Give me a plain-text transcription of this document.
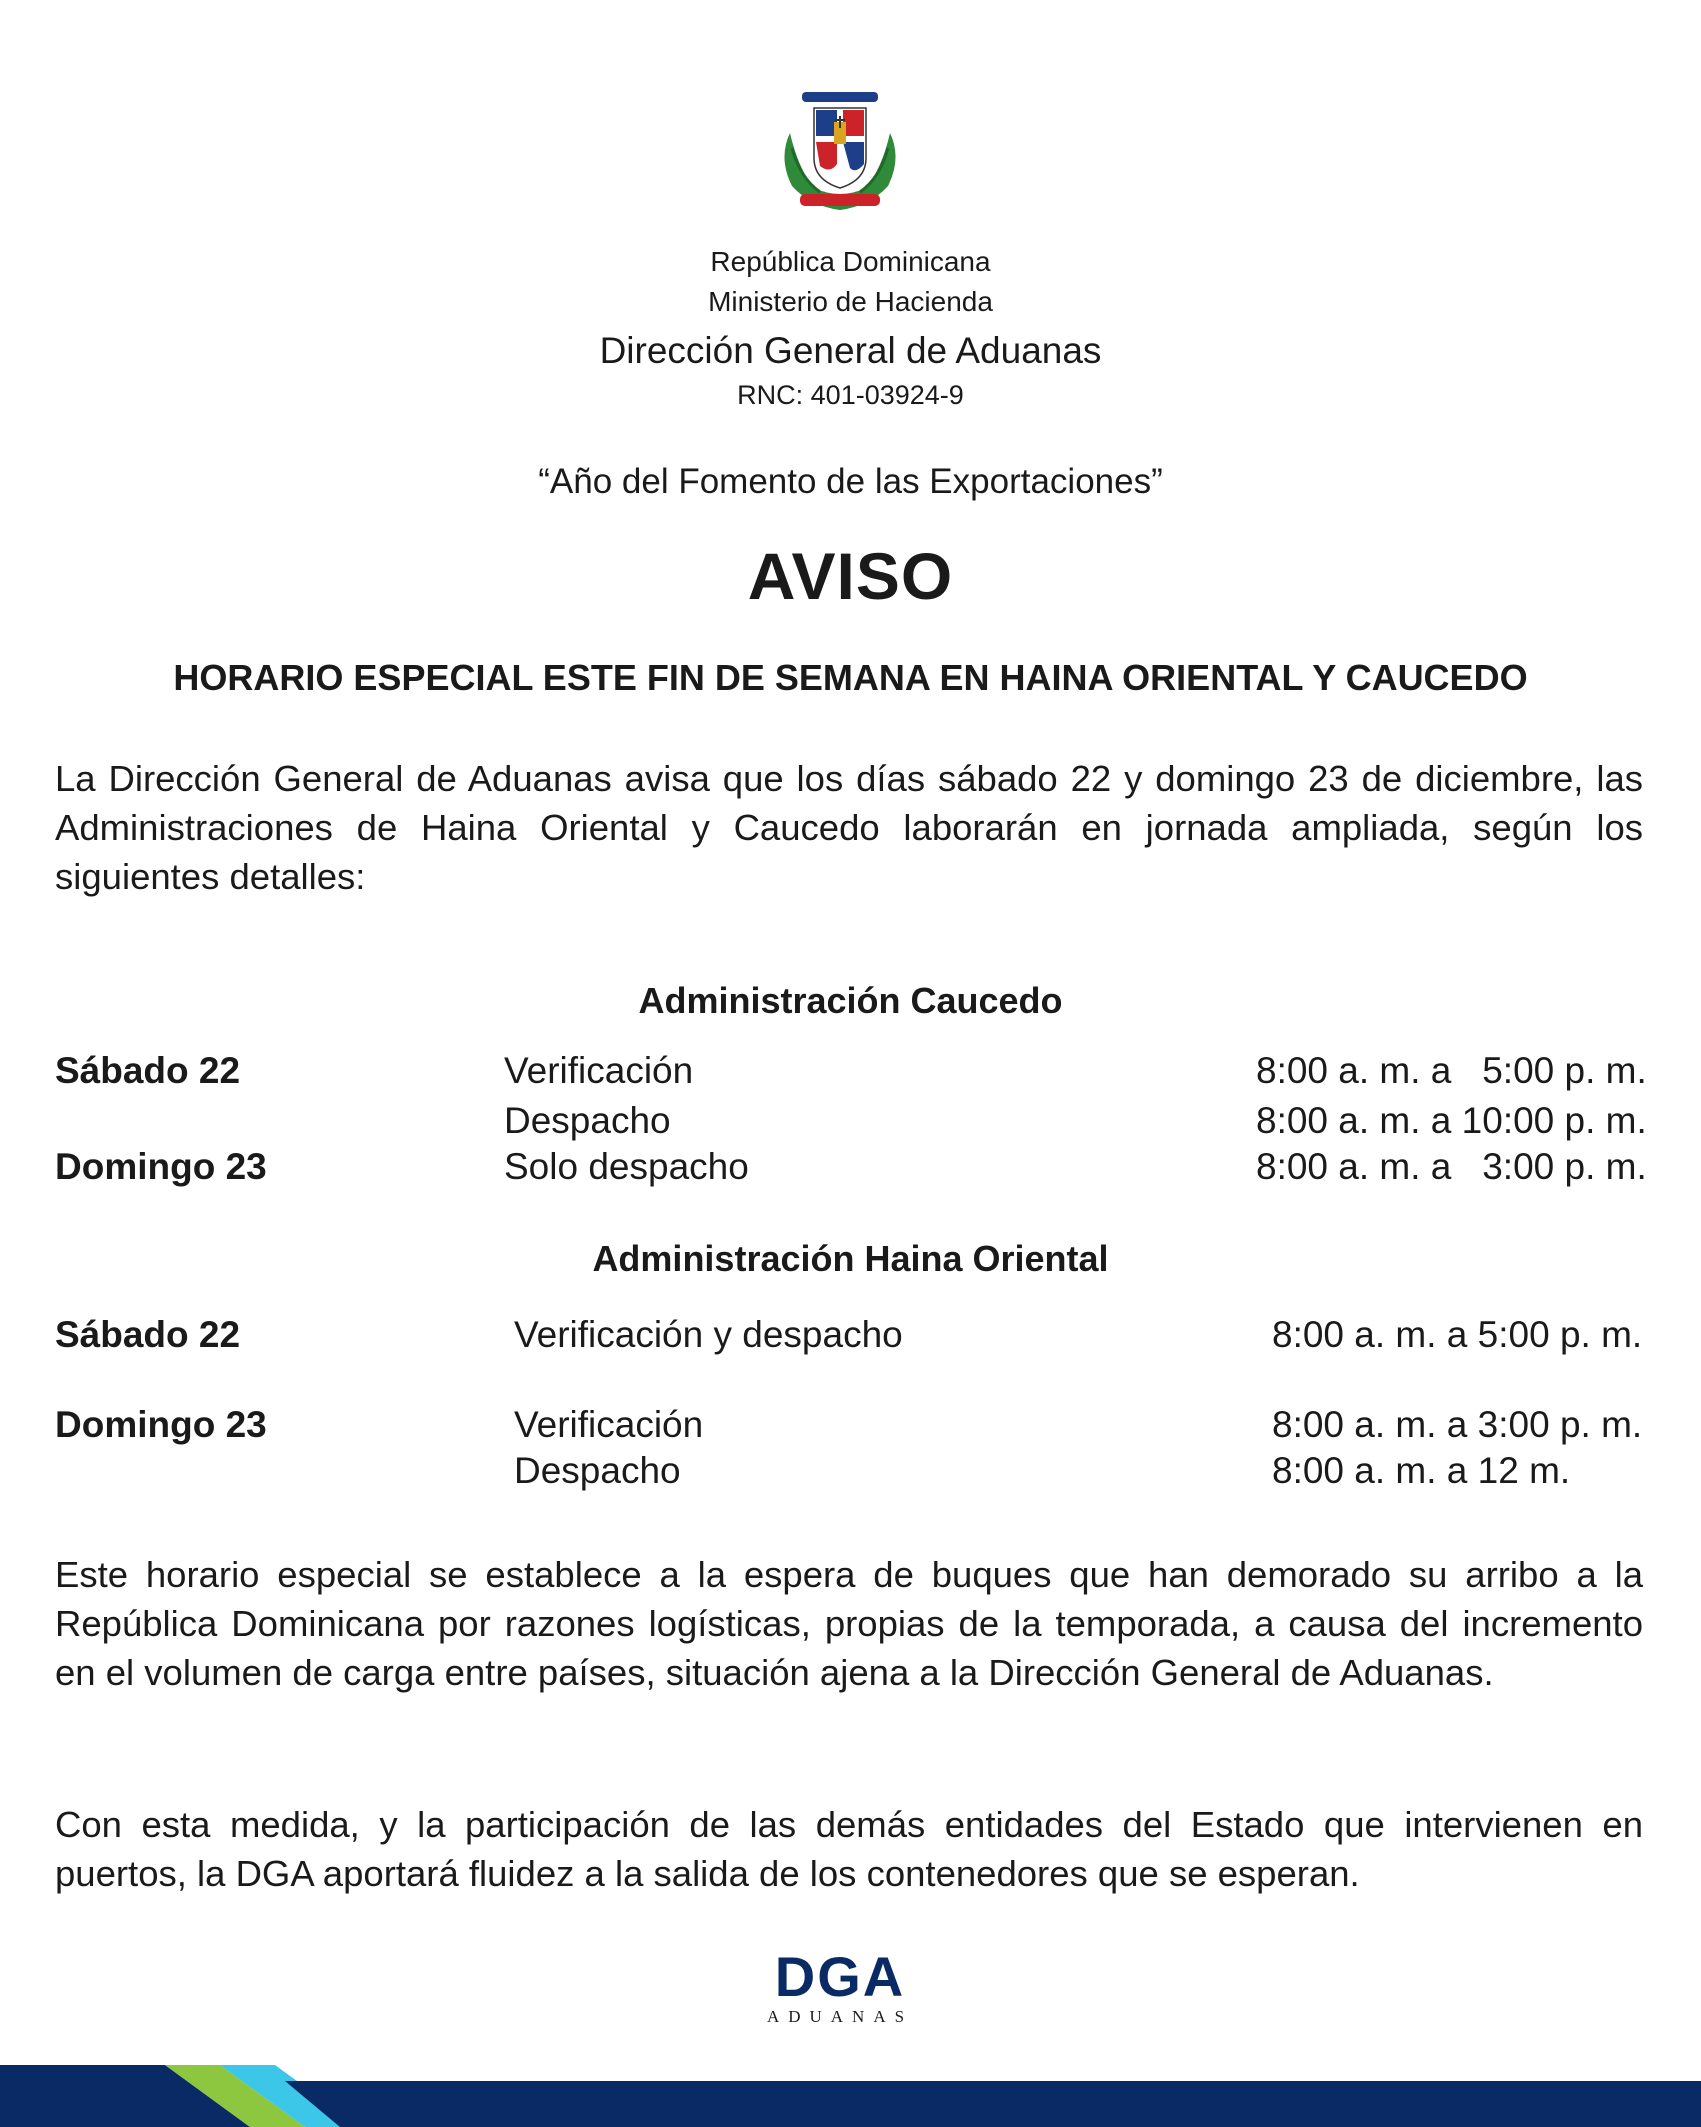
República Dominicana
Ministerio de Hacienda
Dirección General de Aduanas
RNC: 401-03924-9
“Año del Fomento de las Exportaciones”
AVISO
HORARIO ESPECIAL ESTE FIN DE SEMANA EN HAINA ORIENTAL Y CAUCEDO
La Dirección General de Aduanas avisa que los días sábado 22 y domingo 23 de diciembre, las Administraciones de Haina Oriental y Caucedo laborarán en jornada ampliada, según los siguientes detalles:
Administración Caucedo
Sábado 22	Verificación	8:00 a. m. a   5:00 p. m.
Despacho	8:00 a. m. a 10:00 p. m.
Domingo 23	Solo despacho	8:00 a. m. a   3:00 p. m.
Administración Haina Oriental
Sábado 22	Verificación y despacho	8:00 a. m. a 5:00 p. m.
Domingo 23	Verificación	8:00 a. m. a 3:00 p. m.
Despacho	8:00 a. m. a 12 m.
Este horario especial se establece a la espera de buques que han demorado su arribo a la República Dominicana por razones logísticas, propias de la temporada, a causa del incremento en el volumen de carga entre países, situación ajena a la Dirección General de Aduanas.
Con esta medida, y la participación de las demás entidades del Estado que intervienen en puertos, la DGA aportará fluidez a la salida de los contenedores que se esperan.
DGA
ADUANAS
